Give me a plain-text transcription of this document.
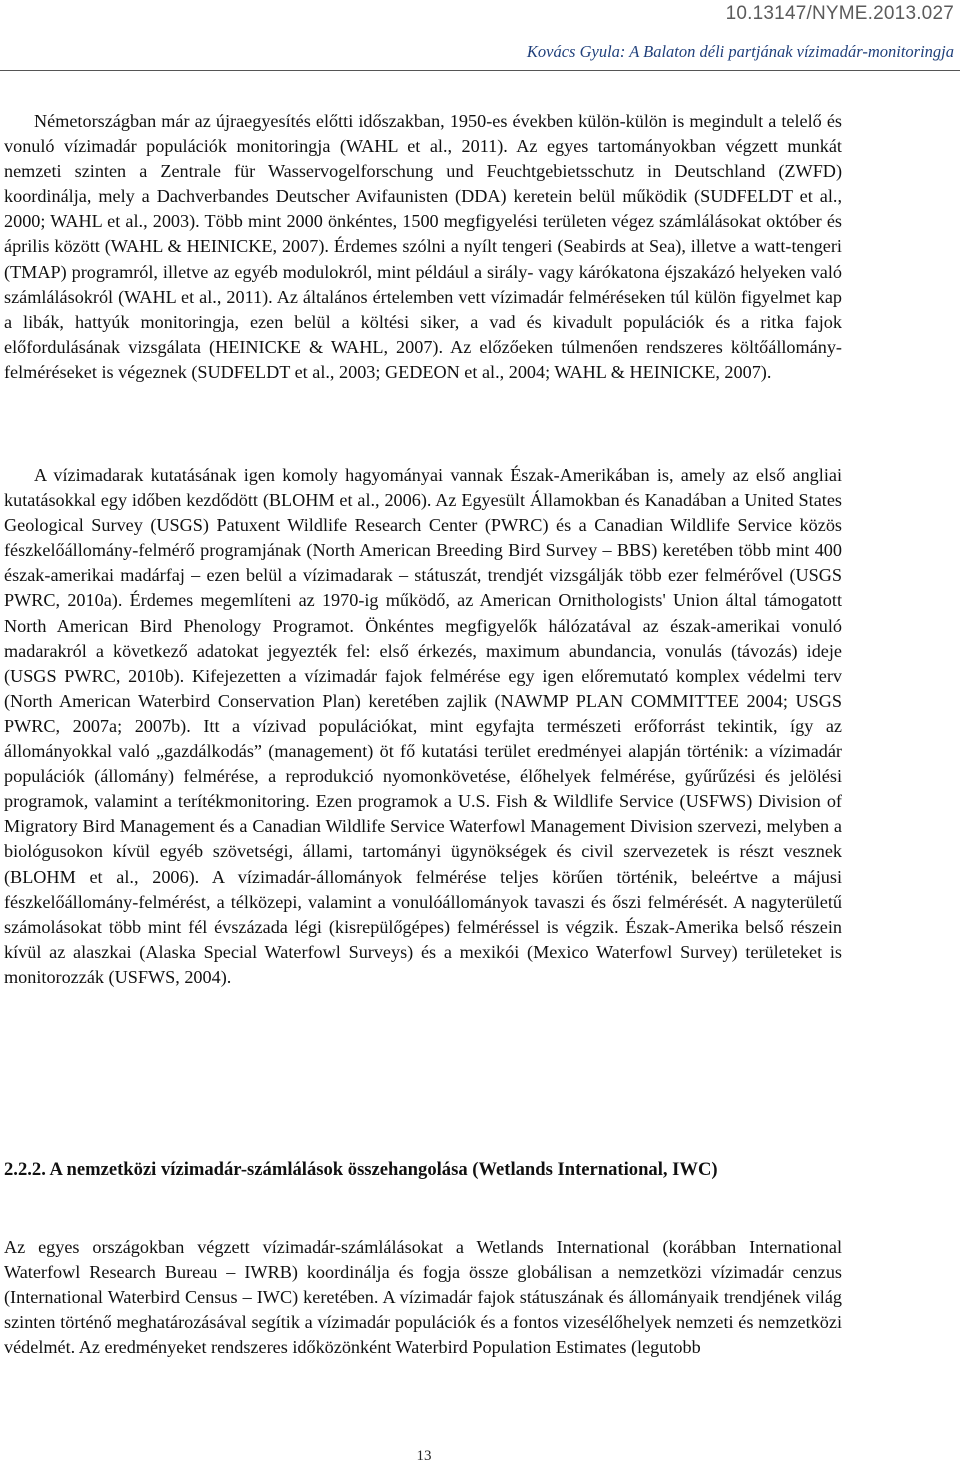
10.13147/NYME.2013.027
Kovács Gyula: A Balaton déli partjának vízimadár-monitoringja

Németországban már az újraegyesítés előtti időszakban, 1950-es években külön-külön is megindult a telelő és vonuló vízimadár populációk monitoringja (WAHL et al., 2011). Az egyes tartományokban végzett munkát nemzeti szinten a Zentrale für Wasservogelforschung und Feuchtgebietsschutz in Deutschland (ZWFD) koordinálja, mely a Dachverbandes Deutscher Avifaunisten (DDA) keretein belül működik (SUDFELDT et al., 2000; WAHL et al., 2003). Több mint 2000 önkéntes, 1500 megfigyelési területen végez számlálásokat október és április között (WAHL & HEINICKE, 2007). Érdemes szólni a nyílt tengeri (Seabirds at Sea), illetve a watt-tengeri (TMAP) programról, illetve az egyéb modulokról, mint például a sirály- vagy kárókatona éjszakázó helyeken való számlálásokról (WAHL et al., 2011). Az általános értelemben vett vízimadár felméréseken túl külön figyelmet kap a libák, hattyúk monitoringja, ezen belül a költési siker, a vad és kivadult populációk és a ritka fajok előfordulásának vizsgálata (HEINICKE & WAHL, 2007). Az előzőeken túlmenően rendszeres költőállomány-felméréseket is végeznek (SUDFELDT et al., 2003; GEDEON et al., 2004; WAHL & HEINICKE, 2007).

A vízimadarak kutatásának igen komoly hagyományai vannak Észak-Amerikában is, amely az első angliai kutatásokkal egy időben kezdődött (BLOHM et al., 2006). Az Egyesült Államokban és Kanadában a United States Geological Survey (USGS) Patuxent Wildlife Research Center (PWRC) és a Canadian Wildlife Service közös fészkelőállomány-felmérő programjának (North American Breeding Bird Survey – BBS) keretében több mint 400 észak-amerikai madárfaj – ezen belül a vízimadarak – státuszát, trendjét vizsgálják több ezer felmérővel (USGS PWRC, 2010a). Érdemes megemlíteni az 1970-ig működő, az American Ornithologists' Union által támogatott North American Bird Phenology Programot. Önkéntes megfigyelők hálózatával az észak-amerikai vonuló madarakról a következő adatokat jegyezték fel: első érkezés, maximum abundancia, vonulás (távozás) ideje (USGS PWRC, 2010b). Kifejezetten a vízimadár fajok felmérése egy igen előremutató komplex védelmi terv (North American Waterbird Conservation Plan) keretében zajlik (NAWMP PLAN COMMITTEE 2004; USGS PWRC, 2007a; 2007b). Itt a vízivad populációkat, mint egyfajta természeti erőforrást tekintik, így az állományokkal való „gazdálkodás” (management) öt fő kutatási terület eredményei alapján történik: a vízimadár populációk (állomány) felmérése, a reprodukció nyomonkövetése, élőhelyek felmérése, gyűrűzési és jelölési programok, valamint a terítékmonitoring. Ezen programok a U.S. Fish & Wildlife Service (USFWS) Division of Migratory Bird Management és a Canadian Wildlife Service Waterfowl Management Division szervezi, melyben a biológusokon kívül egyéb szövetségi, állami, tartományi ügynökségek és civil szervezetek is részt vesznek (BLOHM et al., 2006). A vízimadár-állományok felmérése teljes körűen történik, beleértve a májusi fészkelőállomány-felmérést, a télközepi, valamint a vonulóállományok tavaszi és őszi felmérését. A nagyterületű számolásokat több mint fél évszázada légi (kisrepülőgépes) felméréssel is végzik. Észak-Amerika belső részein kívül az alaszkai (Alaska Special Waterfowl Surveys) és a mexikói (Mexico Waterfowl Survey) területeket is monitorozzák (USFWS, 2004).

2.2.2. A nemzetközi vízimadár-számlálások összehangolása (Wetlands International, IWC)

Az egyes országokban végzett vízimadár-számlálásokat a Wetlands International (korábban International Waterfowl Research Bureau – IWRB) koordinálja és fogja össze globálisan a nemzetközi vízimadár cenzus (International Waterbird Census – IWC) keretében. A vízimadár fajok státuszának és állományaik trendjének világ szinten történő meghatározásával segítik a vízimadár populációk és a fontos vizesélőhelyek nemzeti és nemzetközi védelmét. Az eredményeket rendszeres időközönként Waterbird Population Estimates (legutobb

13
